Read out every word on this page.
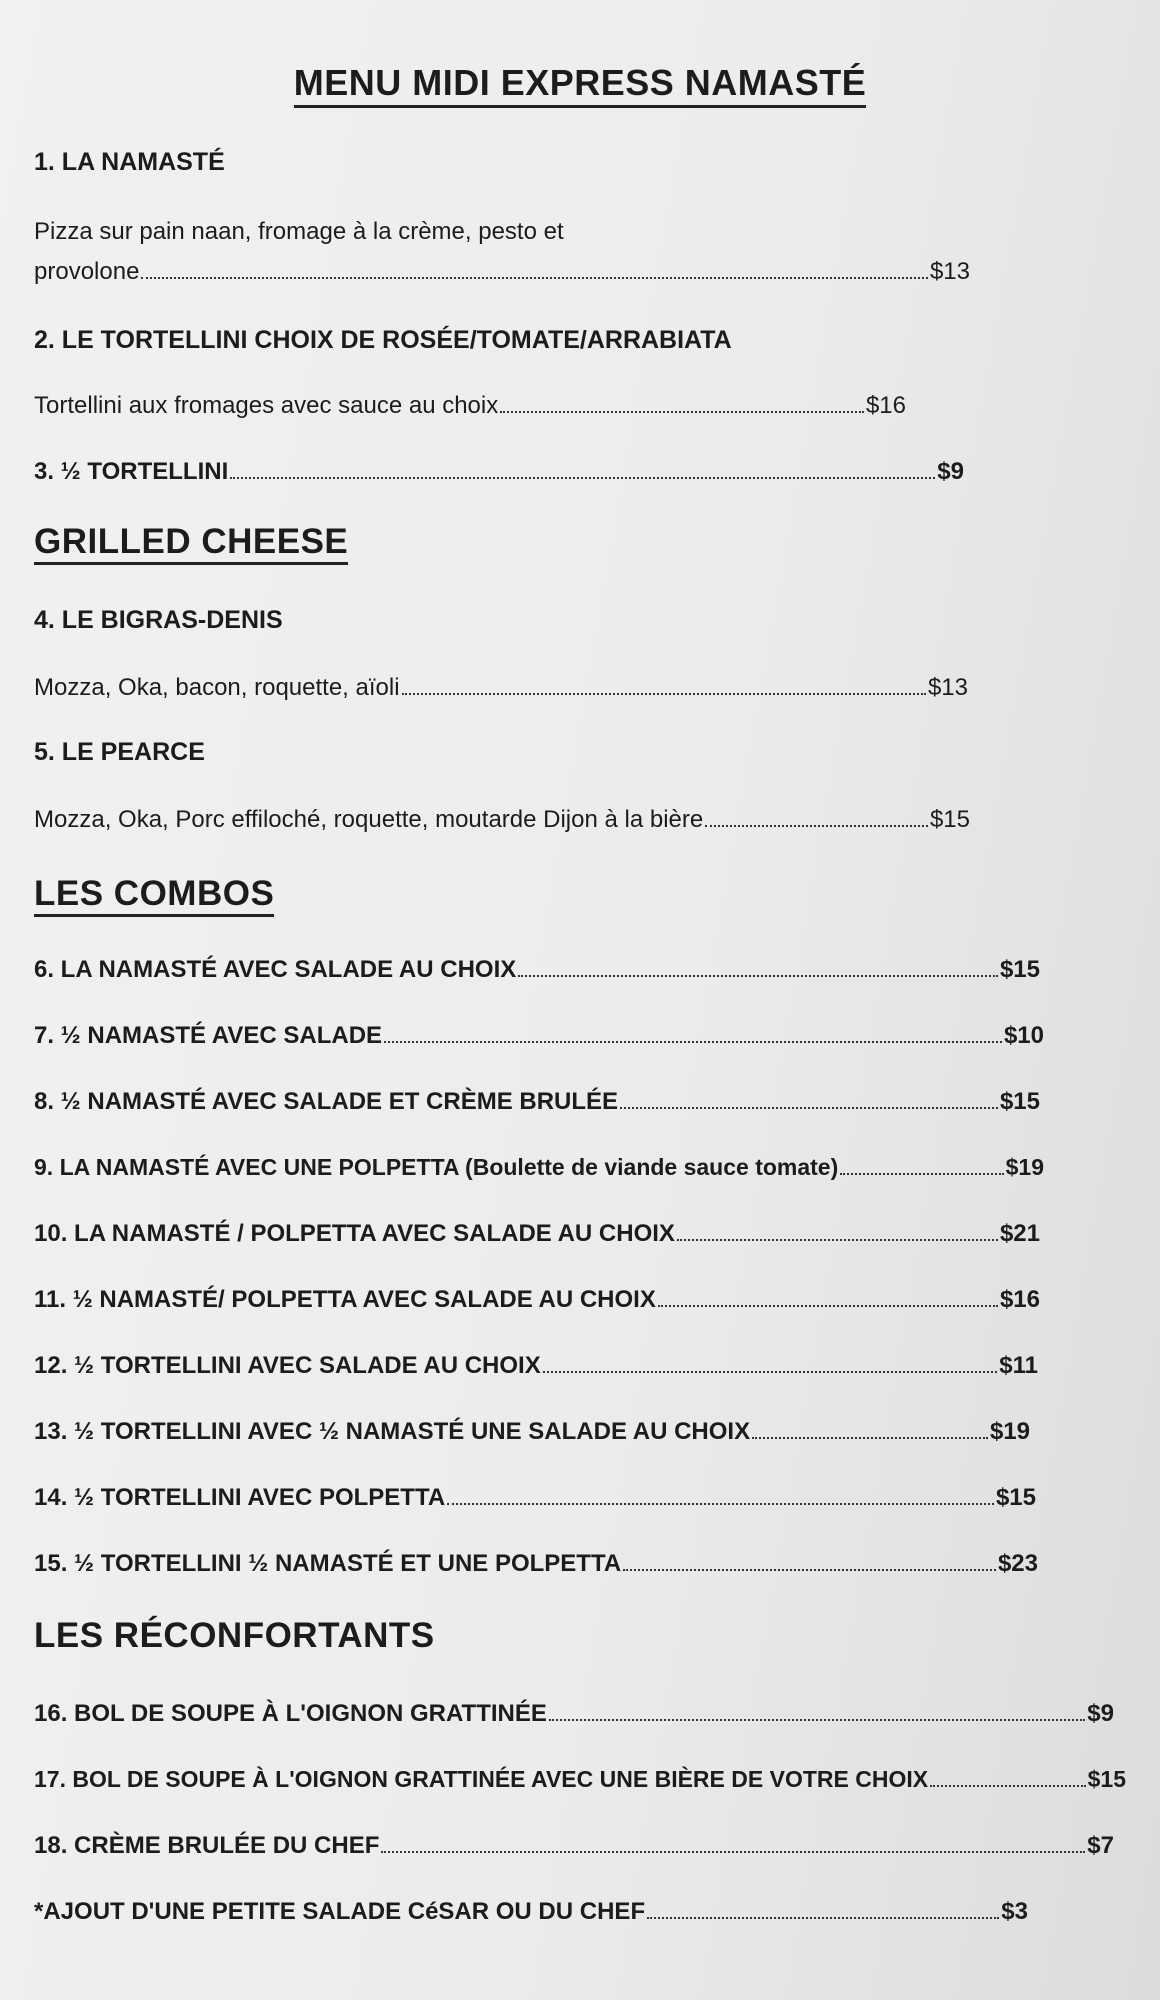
MENU MIDI EXPRESS NAMASTÉ
1. LA NAMASTÉ
Pizza sur pain naan, fromage à la crème, pesto et
provolone	$13
2. LE TORTELLINI CHOIX DE ROSÉE/TOMATE/ARRABIATA
Tortellini aux fromages avec sauce au choix	$16
3. ½ TORTELLINI	$9
GRILLED CHEESE
4. LE BIGRAS-DENIS
Mozza, Oka, bacon, roquette, aïoli	$13
5. LE PEARCE
Mozza, Oka, Porc effiloché, roquette, moutarde Dijon à la bière	$15
LES COMBOS
6. LA NAMASTÉ AVEC SALADE AU CHOIX	$15
7. ½ NAMASTÉ AVEC SALADE	$10
8. ½ NAMASTÉ AVEC SALADE ET CRÈME BRULÉE	$15
9. LA NAMASTÉ AVEC UNE POLPETTA (Boulette de viande sauce tomate)	$19
10. LA NAMASTÉ / POLPETTA AVEC SALADE AU CHOIX	$21
11. ½ NAMASTÉ/ POLPETTA AVEC SALADE AU CHOIX	$16
12. ½ TORTELLINI AVEC SALADE AU CHOIX	$11
13. ½ TORTELLINI AVEC ½ NAMASTÉ UNE SALADE AU CHOIX	$19
14. ½ TORTELLINI AVEC POLPETTA	$15
15. ½ TORTELLINI ½ NAMASTÉ ET UNE POLPETTA	$23
LES RÉCONFORTANTS
16. BOL DE SOUPE À L'OIGNON GRATTINÉE	$9
17. BOL DE SOUPE À L'OIGNON GRATTINÉE AVEC UNE BIÈRE DE VOTRE CHOIX	$15
18. CRÈME BRULÉE DU CHEF	$7
*AJOUT D'UNE PETITE SALADE CéSAR OU DU CHEF	$3
